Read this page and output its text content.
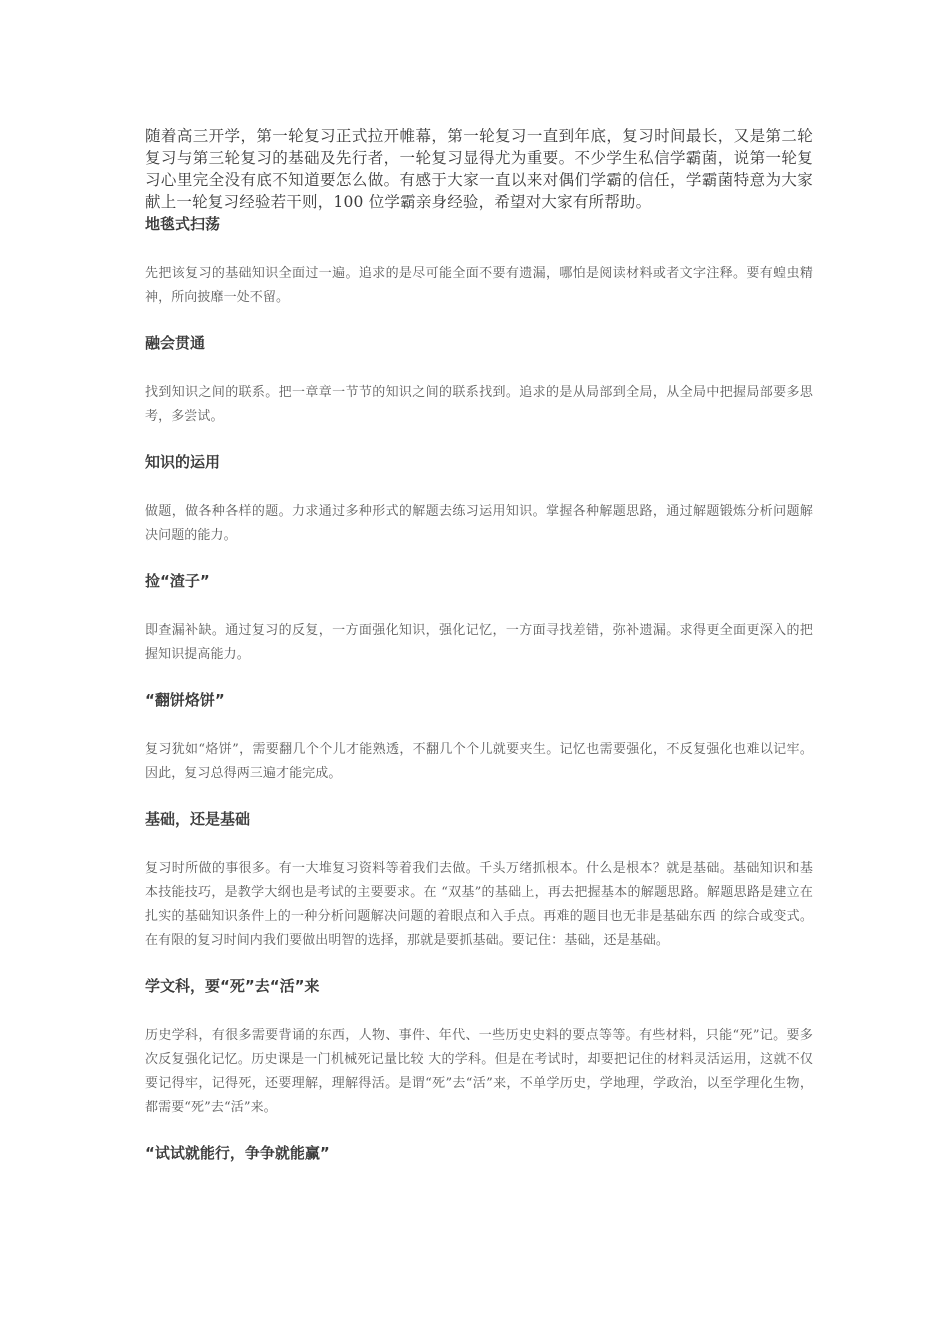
随着高三开学，第一轮复习正式拉开帷幕，第一轮复习一直到年底，复习时间最长，又是第二轮复习与第三轮复习的基础及先行者，一轮复习显得尤为重要。不少学生私信学霸菌，说第一轮复习心里完全没有底不知道要怎么做。有感于大家一直以来对偶们学霸的信任，学霸菌特意为大家献上一轮复习经验若干则，100 位学霸亲身经验，希望对大家有所帮助。

地毯式扫荡

先把该复习的基础知识全面过一遍。追求的是尽可能全面不要有遗漏，哪怕是阅读材料或者文字注释。要有蝗虫精神，所向披靡一处不留。

融会贯通

找到知识之间的联系。把一章章一节节的知识之间的联系找到。追求的是从局部到全局，从全局中把握局部要多思考，多尝试。

知识的运用

做题，做各种各样的题。力求通过多种形式的解题去练习运用知识。掌握各种解题思路，通过解题锻炼分析问题解决问题的能力。

捡“渣子”

即查漏补缺。通过复习的反复，一方面强化知识，强化记忆，一方面寻找差错，弥补遗漏。求得更全面更深入的把握知识提高能力。

“翻饼烙饼”

复习犹如“烙饼”，需要翻几个个儿才能熟透，不翻几个个儿就要夹生。记忆也需要强化，不反复强化也难以记牢。因此，复习总得两三遍才能完成。

基础，还是基础

复习时所做的事很多。有一大堆复习资料等着我们去做。千头万绪抓根本。什么是根本？就是基础。基础知识和基本技能技巧，是教学大纲也是考试的主要要求。在 “双基”的基础上，再去把握基本的解题思路。解题思路是建立在扎实的基础知识条件上的一种分析问题解决问题的着眼点和入手点。再难的题目也无非是基础东西 的综合或变式。在有限的复习时间内我们要做出明智的选择，那就是要抓基础。要记住：基础，还是基础。

学文科，要“死”去“活”来

历史学科，有很多需要背诵的东西，人物、事件、年代、一些历史史料的要点等等。有些材料，只能“死”记。要多次反复强化记忆。历史课是一门机械死记量比较 大的学科。但是在考试时，却要把记住的材料灵活运用，这就不仅要记得牢，记得死，还要理解，理解得活。是谓“死”去“活”来，不单学历史，学地理，学政治，以至学理化生物，都需要“死”去“活”来。

“试试就能行，争争就能赢”
